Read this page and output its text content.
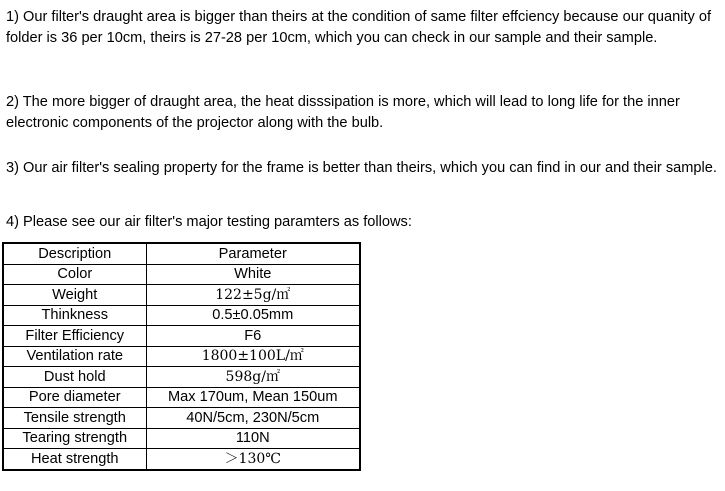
1) Our filter's draught area is bigger than theirs at the condition of same filter effciency because our quanity of folder is 36 per 10cm, theirs is 27-28 per 10cm, which you can check in our sample and their sample.

2) The more bigger of draught area, the heat disssipation is more, which will lead to long life for the inner electronic components of the projector along with the bulb.

3) Our air filter's sealing property for the frame is better than theirs, which you can find in our and their sample.

4) Please see our air filter's major testing paramters as follows:

Description	Parameter
Color	White
Weight	122±5g/㎡
Thinkness	0.5±0.05mm
Filter Efficiency	F6
Ventilation rate	1800±100L/㎡
Dust hold	598g/㎡
Pore diameter	Max 170um, Mean 150um
Tensile strength	40N/5cm, 230N/5cm
Tearing strength	110N
Heat strength	＞130℃
